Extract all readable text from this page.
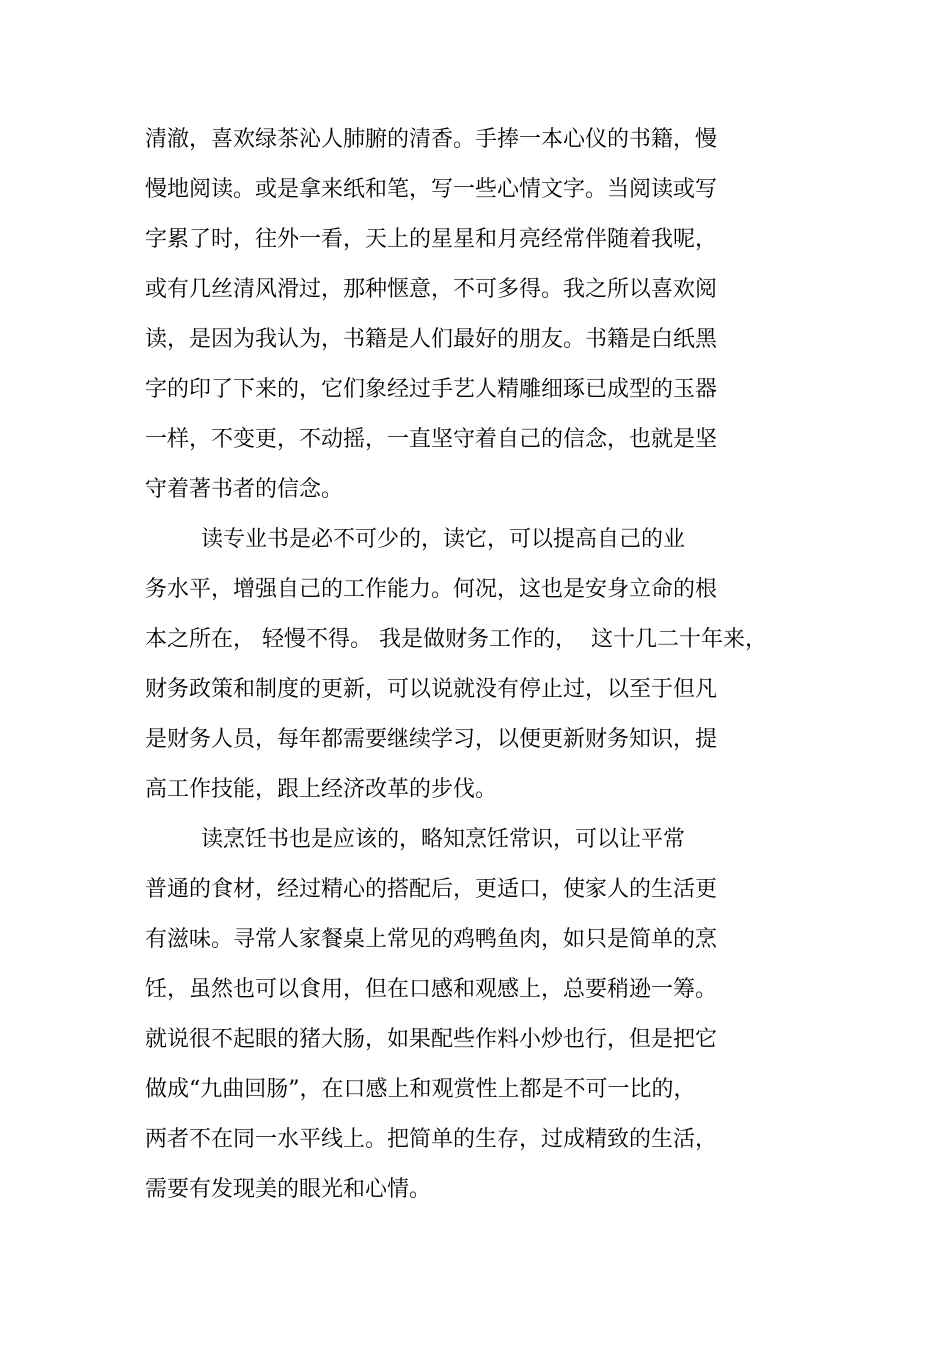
清澈，喜欢绿茶沁人肺腑的清香。手捧一本心仪的书籍，慢
慢地阅读。或是拿来纸和笔，写一些心情文字。当阅读或写
字累了时，往外一看，天上的星星和月亮经常伴随着我呢，
或有几丝清风滑过，那种惬意，不可多得。我之所以喜欢阅
读，是因为我认为，书籍是人们最好的朋友。书籍是白纸黑
字的印了下来的，它们象经过手艺人精雕细琢已成型的玉器
一样，不变更，不动摇，一直坚守着自己的信念，也就是坚
守着著书者的信念。
读专业书是必不可少的，读它，可以提高自己的业
务水平，增强自己的工作能力。何况，这也是安身立命的根
本之所在， 轻慢不得。 我是做财务工作的，  这十几二十年来，
财务政策和制度的更新，可以说就没有停止过，以至于但凡
是财务人员，每年都需要继续学习，以便更新财务知识，提
高工作技能，跟上经济改革的步伐。
读烹饪书也是应该的，略知烹饪常识，可以让平常
普通的食材，经过精心的搭配后，更适口，使家人的生活更
有滋味。寻常人家餐桌上常见的鸡鸭鱼肉，如只是简单的烹
饪，虽然也可以食用，但在口感和观感上，总要稍逊一筹。
就说很不起眼的猪大肠，如果配些作料小炒也行，但是把它
做成“九曲回肠”，在口感上和观赏性上都是不可一比的，
两者不在同一水平线上。把简单的生存，过成精致的生活，
需要有发现美的眼光和心情。
